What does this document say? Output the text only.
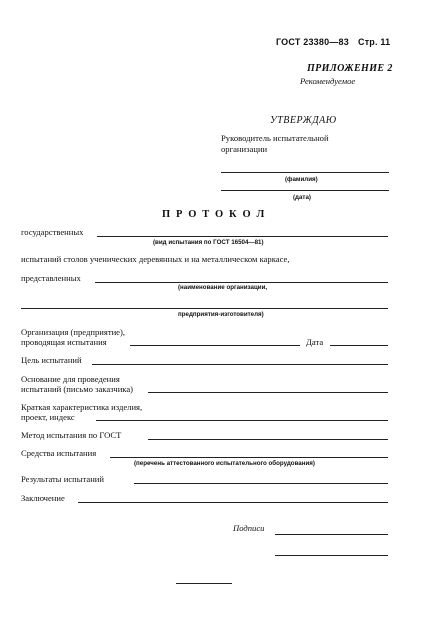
ГОСТ 23380—83 Стр. 11
ПРИЛОЖЕНИЕ 2
Рекомендуемое
УТВЕРЖДАЮ
Руководитель испытательной
организации
(фамилия)
(дата)
П Р О Т О К О Л
государственных
(вид испытания по ГОСТ 16504—81)
испытаний столов ученических деревянных и на металлическом каркасе,
представленных
(наименование организации,
предприятия-изготовителя)
Организация (предприятие),
проводящая испытания	Дата
Цель испытаний
Основание для проведения
испытаний (письмо заказчика)
Краткая характеристика изделия,
проект, индекс
Метод испытания по ГОСТ
Средства испытания
(перечень аттестованного испытательного оборудования)
Результаты испытаний
Заключение
Подписи
